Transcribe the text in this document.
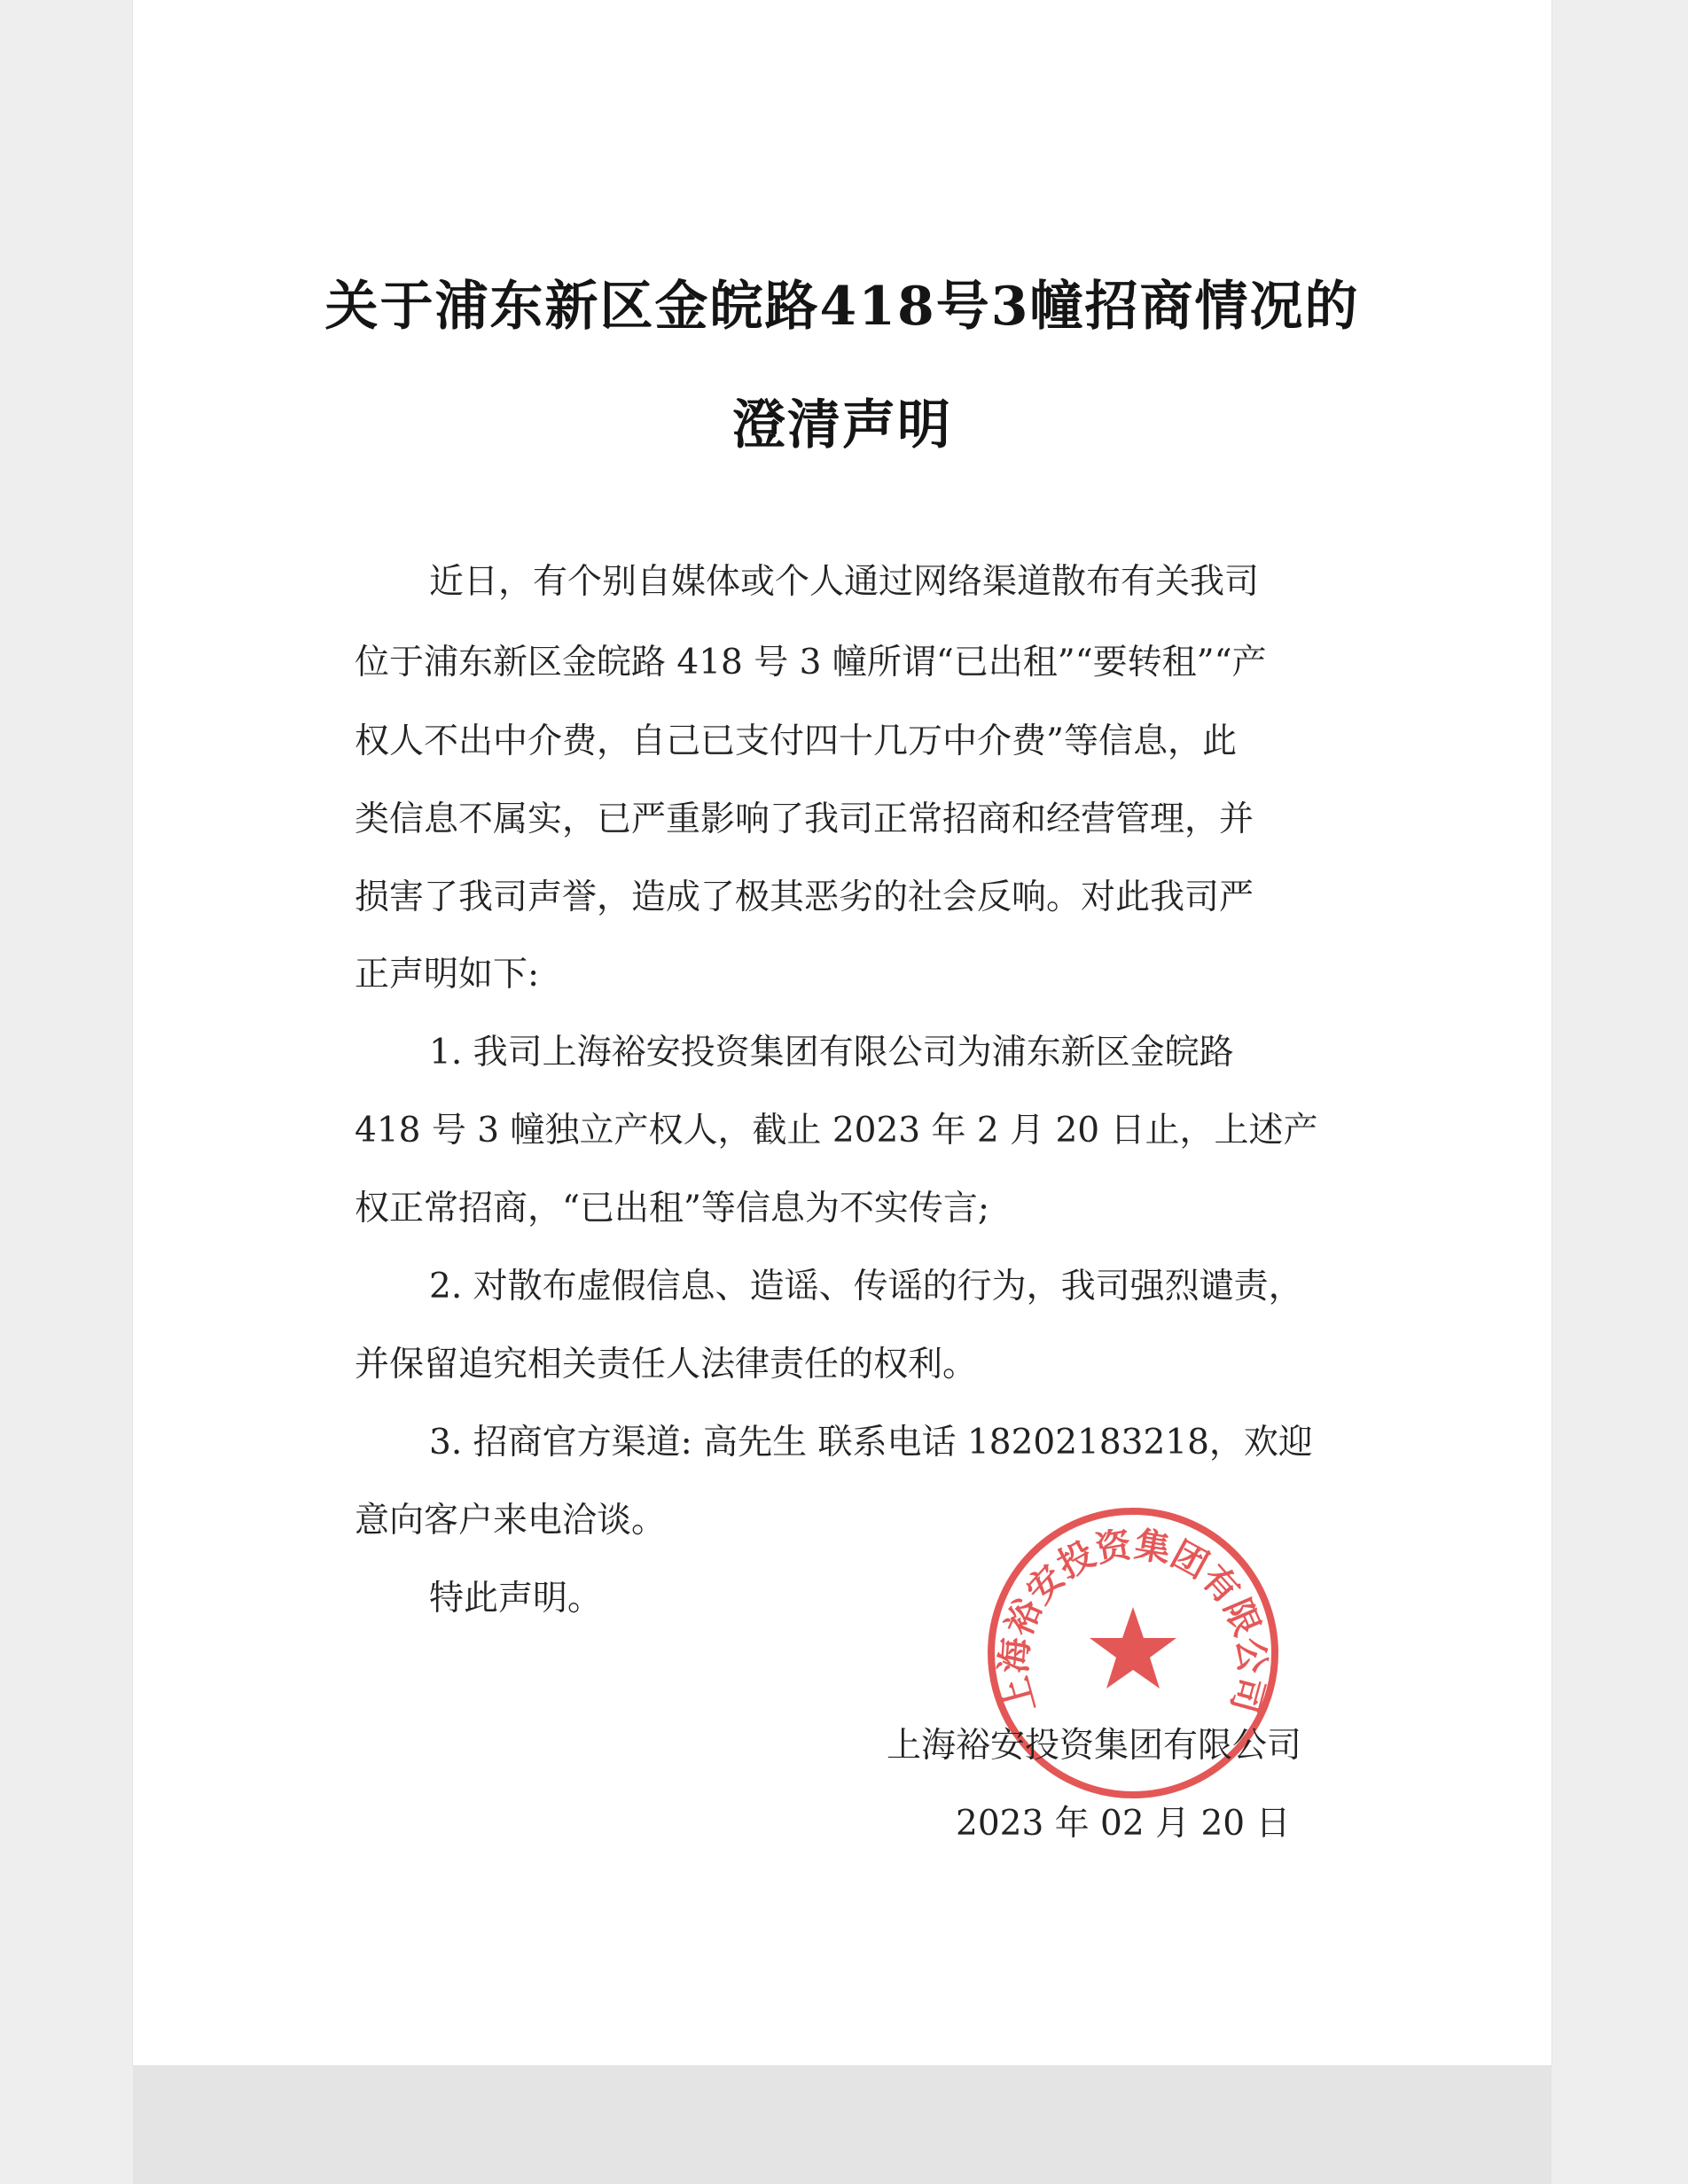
关于浦东新区金皖路418号3幢招商情况的
澄清声明
近日，有个别自媒体或个人通过网络渠道散布有关我司
位于浦东新区金皖路 418 号 3 幢所谓“已出租”“要转租”“产
权人不出中介费，自己已支付四十几万中介费”等信息，此
类信息不属实，已严重影响了我司正常招商和经营管理，并
损害了我司声誉，造成了极其恶劣的社会反响。对此我司严
正声明如下:
1. 我司上海裕安投资集团有限公司为浦东新区金皖路
418 号 3 幢独立产权人，截止 2023 年 2 月 20 日止，上述产
权正常招商，“已出租”等信息为不实传言;
2. 对散布虚假信息、造谣、传谣的行为，我司强烈谴责，
并保留追究相关责任人法律责任的权利。
3. 招商官方渠道: 高先生 联系电话 18202183218，欢迎
意向客户来电洽谈。
特此声明。
上海裕安投资集团有限公司
上海裕安投资集团有限公司
2023 年 02 月 20 日
